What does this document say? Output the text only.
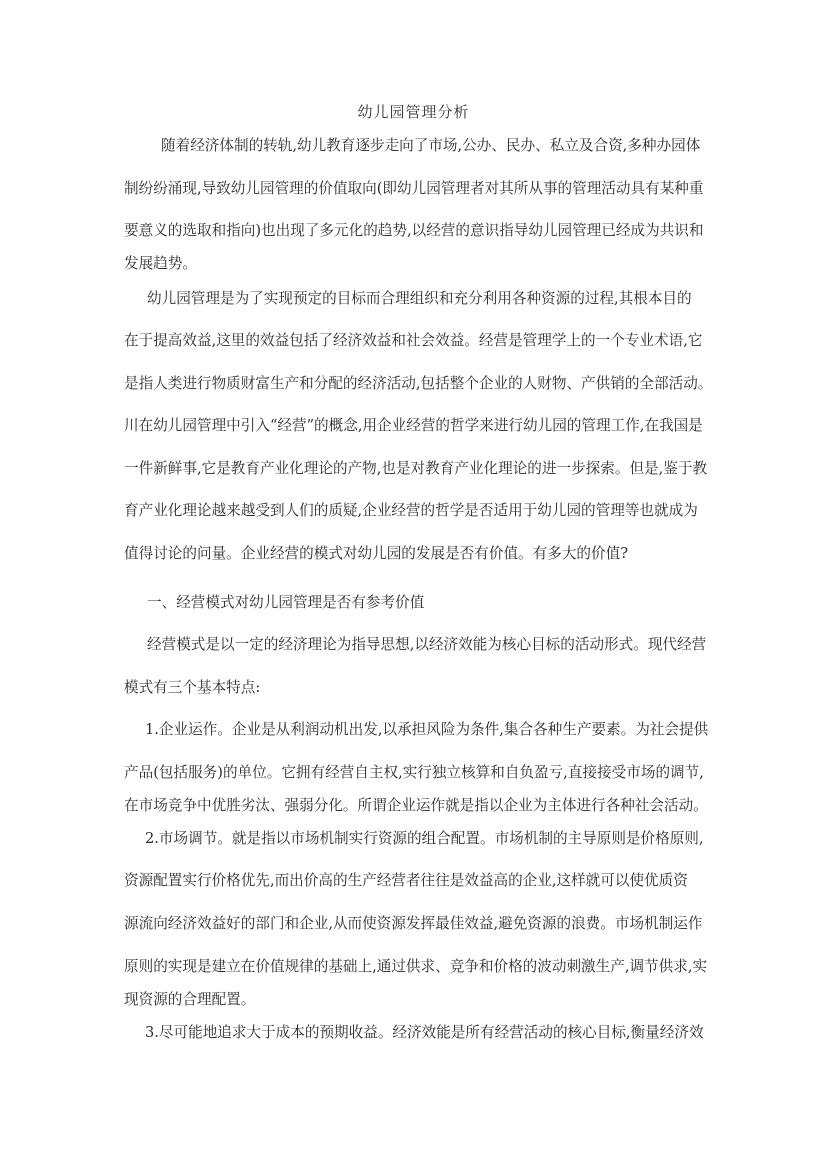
幼儿园管理分析
随着经济体制的转轨,幼儿教育逐步走向了市场,公办、民办、私立及合资,多种办园体
制纷纷涌现,导致幼儿园管理的价值取向(即幼儿园管理者对其所从事的管理活动具有某种重
要意义的选取和指向)也出现了多元化的趋势,以经营的意识指导幼儿园管理已经成为共识和
发展趋势。
幼儿园管理是为了实现预定的目标而合理组织和充分利用各种资源的过程,其根本目的
在于提高效益,这里的效益包括了经济效益和社会效益。经营是管理学上的一个专业术语,它
是指人类进行物质财富生产和分配的经济活动,包括整个企业的人财物、产供销的全部活动。
川在幼儿园管理中引入“经营”的概念,用企业经营的哲学来进行幼儿园的管理工作,在我国是
一件新鲜事,它是教育产业化理论的产物,也是对教育产业化理论的进一步探索。但是,鉴于教
育产业化理论越来越受到人们的质疑,企业经营的哲学是否适用于幼儿园的管理等也就成为
值得讨论的问量。企业经营的模式对幼儿园的发展是否有价值。有多大的价值?
一、经营模式对幼儿园管理是否有参考价值
经营模式是以一定的经济理论为指导思想,以经济效能为核心目标的活动形式。现代经营
模式有三个基本特点:
1.企业运作。企业是从利润动机出发,以承担风险为条件,集合各种生产要素。为社会提供
产品(包括服务)的单位。它拥有经营自主权,实行独立核算和自负盈亏,直接接受市场的调节,
在市场竞争中优胜劣汰、强弱分化。所谓企业运作就是指以企业为主体进行各种社会活动。
2.市场调节。就是指以市场机制实行资源的组合配置。市场机制的主导原则是价格原则,
资源配置实行价格优先,而出价高的生产经营者往往是效益高的企业,这样就可以使优质资
源流向经济效益好的部门和企业,从而使资源发挥最佳效益,避免资源的浪费。市场机制运作
原则的实现是建立在价值规律的基础上,通过供求、竞争和价格的波动刺激生产,调节供求,实
现资源的合理配置。
3.尽可能地追求大于成本的预期收益。经济效能是所有经营活动的核心目标,衡量经济效
